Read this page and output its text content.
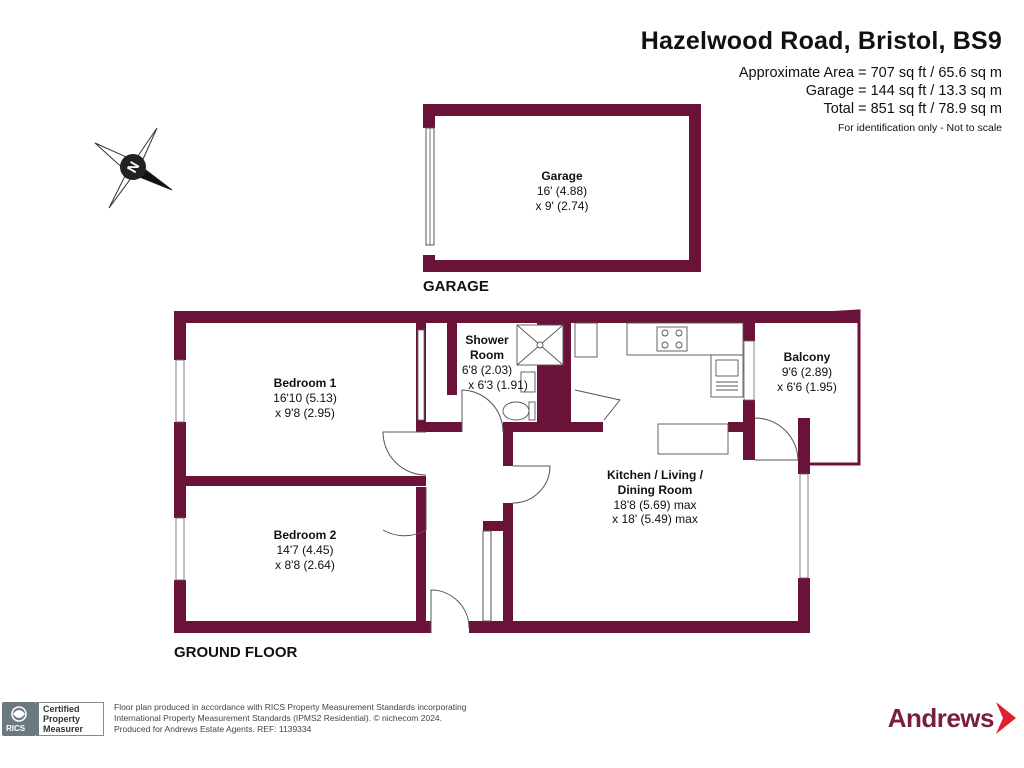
Hazelwood Road, Bristol, BS9
Approximate Area = 707 sq ft / 65.6 sq m
Garage = 144 sq ft / 13.3 sq m
Total = 851 sq ft / 78.9 sq m
For identification only - Not to scale
N
Garage
16' (4.88)
x 9' (2.74)
Bedroom 1
16'10 (5.13)
x 9'8 (2.95)
Bedroom 2
14'7 (4.45)
x 8'8 (2.64)
Shower
Room
6'8 (2.03)
x 6'3 (1.91)
Kitchen / Living /
Dining Room
18'8 (5.69) max
x 18' (5.49) max
Balcony
9'6 (2.89)
x 6'6 (1.95)
GARAGE
GROUND FLOOR
RICS
Certified
Property
Measurer
Floor plan produced in accordance with RICS Property Measurement Standards incorporating
International Property Measurement Standards (IPMS2 Residential). © nichecom 2024.
Produced for Andrews Estate Agents. REF: 1139334	Andrews
